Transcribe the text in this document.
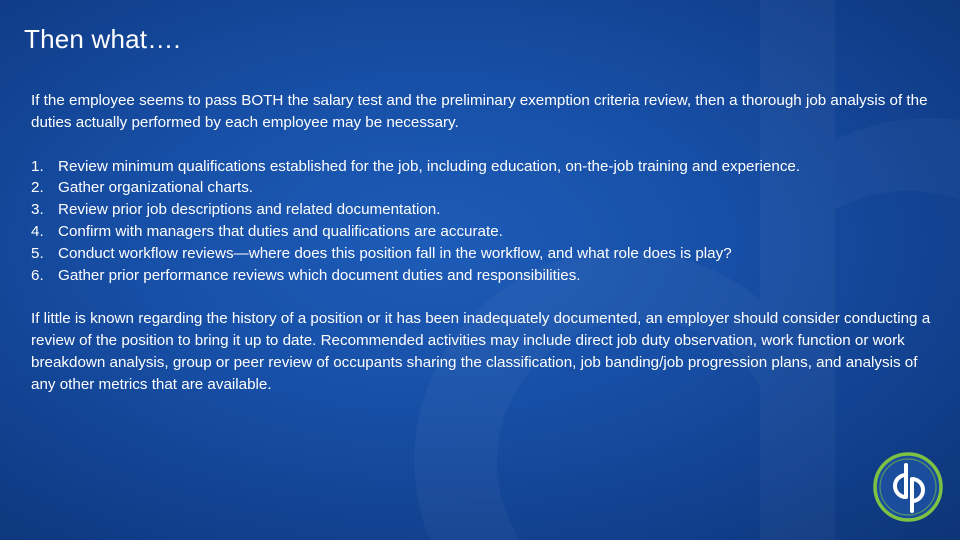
Then what….

If the employee seems to pass BOTH the salary test and the preliminary exemption criteria review, then a thorough job analysis of the duties actually performed by each employee may be necessary.

1. Review minimum qualifications established for the job, including education, on-the-job training and experience.
2. Gather organizational charts.
3. Review prior job descriptions and related documentation.
4. Confirm with managers that duties and qualifications are accurate.
5. Conduct workflow reviews—where does this position fall in the workflow, and what role does is play?
6. Gather prior performance reviews which document duties and responsibilities.

If little is known regarding the history of a position or it has been inadequately documented, an employer should consider conducting a review of the position to bring it up to date. Recommended activities may include direct job duty observation, work function or work breakdown analysis, group or peer review of occupants sharing the classification, job banding/job progression plans, and analysis of any other metrics that are available.
